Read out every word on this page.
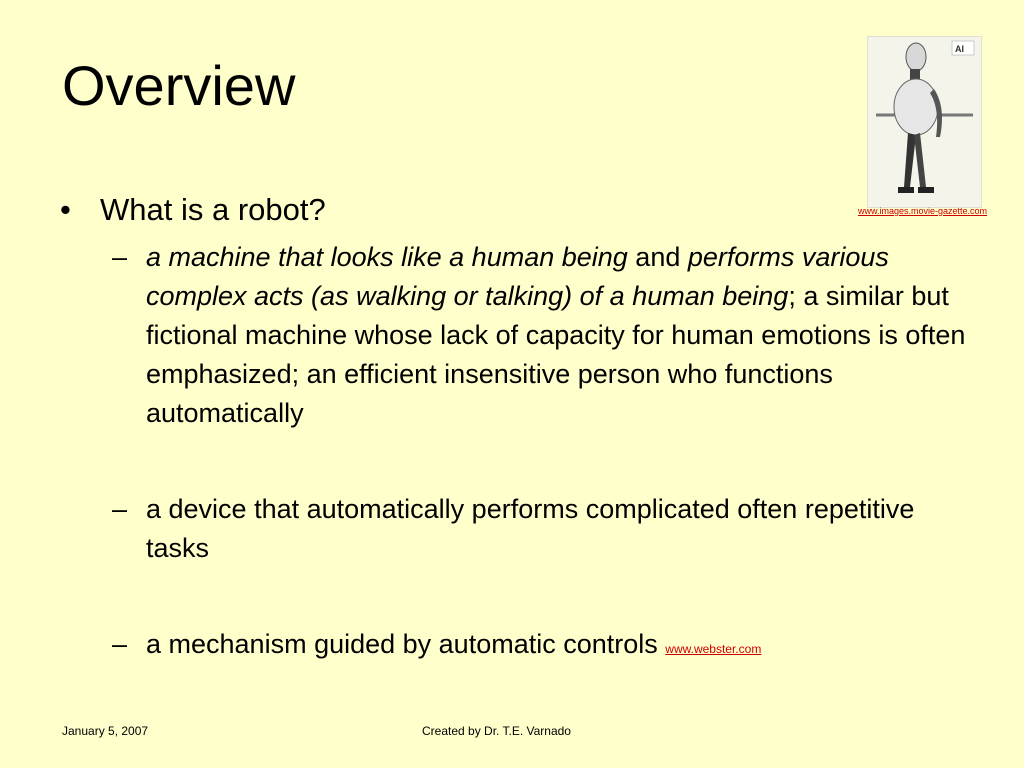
Overview
AI
www.images.movie-gazette.com
• What is a robot?
– a machine that looks like a human being and performs various complex acts (as walking or talking) of a human being; a similar but fictional machine whose lack of capacity for human emotions is often emphasized; an efficient insensitive person who functions automatically
– a device that automatically performs complicated often repetitive tasks
– a mechanism guided by automatic controls www.webster.com
January 5, 2007	Created by Dr. T.E. Varnado
